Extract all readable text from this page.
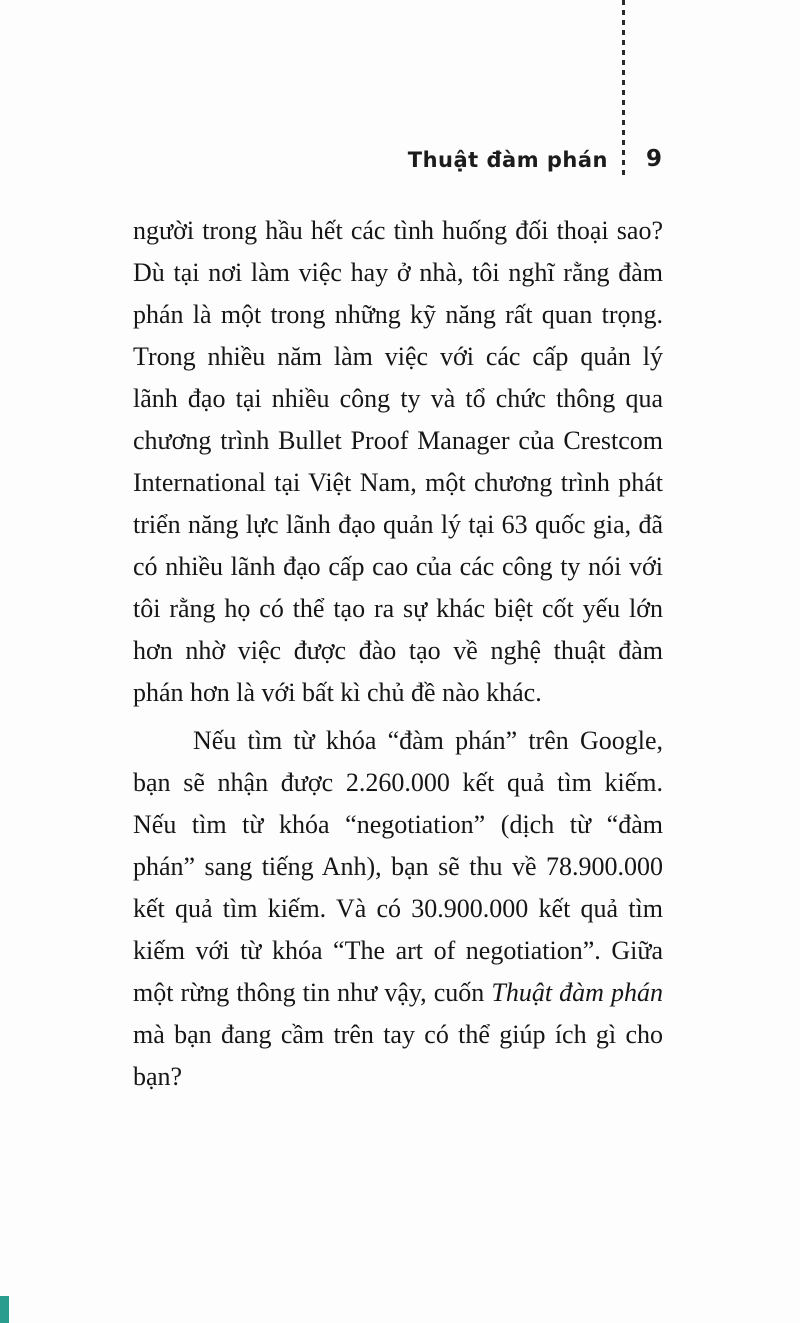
Thuật đàm phán 9

người trong hầu hết các tình huống đối thoại sao? Dù tại nơi làm việc hay ở nhà, tôi nghĩ rằng đàm phán là một trong những kỹ năng rất quan trọng. Trong nhiều năm làm việc với các cấp quản lý lãnh đạo tại nhiều công ty và tổ chức thông qua chương trình Bullet Proof Manager của Crestcom International tại Việt Nam, một chương trình phát triển năng lực lãnh đạo quản lý tại 63 quốc gia, đã có nhiều lãnh đạo cấp cao của các công ty nói với tôi rằng họ có thể tạo ra sự khác biệt cốt yếu lớn hơn nhờ việc được đào tạo về nghệ thuật đàm phán hơn là với bất kì chủ đề nào khác.

Nếu tìm từ khóa “đàm phán” trên Google, bạn sẽ nhận được 2.260.000 kết quả tìm kiếm. Nếu tìm từ khóa “negotiation” (dịch từ “đàm phán” sang tiếng Anh), bạn sẽ thu về 78.900.000 kết quả tìm kiếm. Và có 30.900.000 kết quả tìm kiếm với từ khóa “The art of negotiation”. Giữa một rừng thông tin như vậy, cuốn Thuật đàm phán mà bạn đang cầm trên tay có thể giúp ích gì cho bạn?
